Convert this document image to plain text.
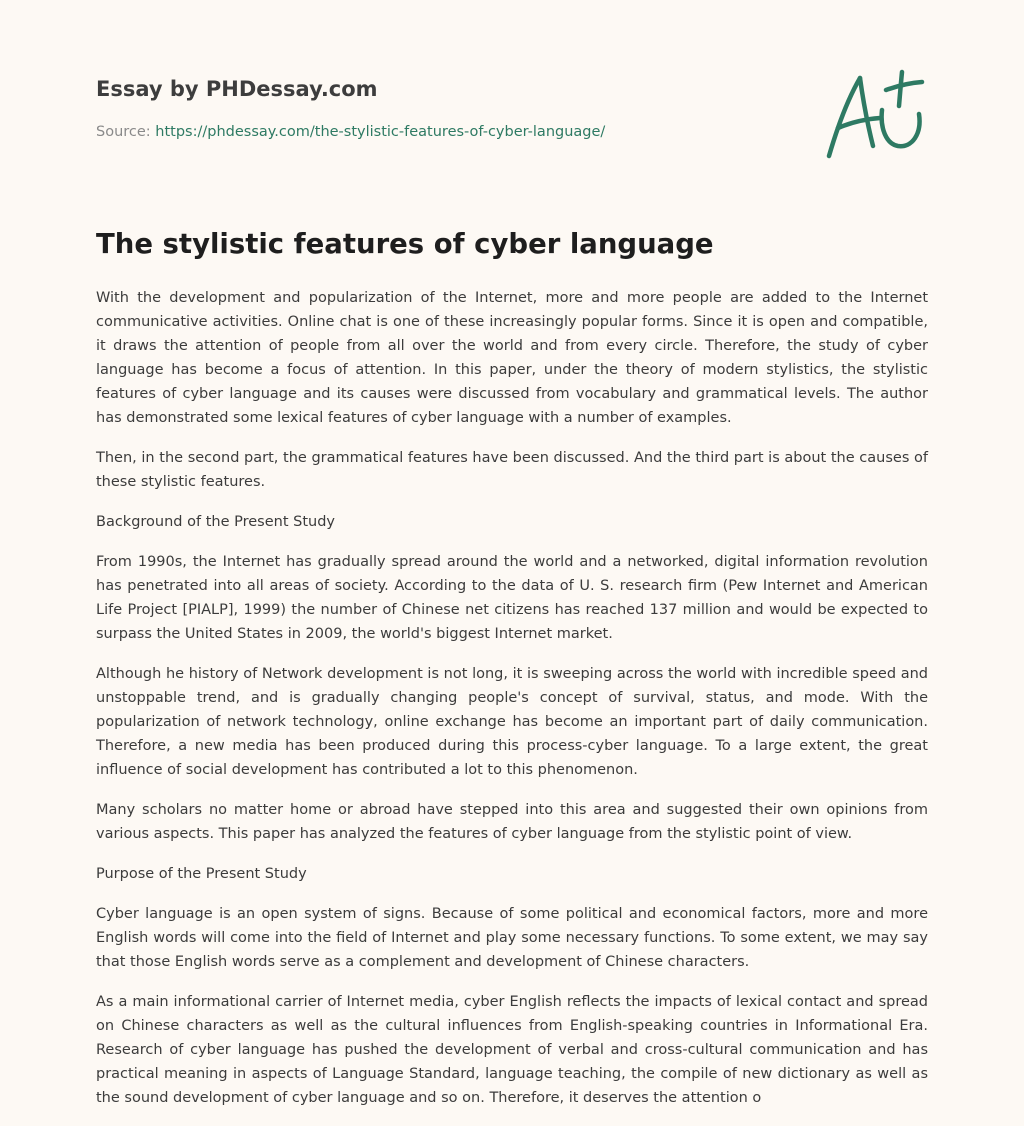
Essay by PHDessay.com
Source: https://phdessay.com/the-stylistic-features-of-cyber-language/
The stylistic features of cyber language

With the development and popularization of the Internet, more and more people are added to the Internet communicative activities. Online chat is one of these increasingly popular forms. Since it is open and compatible, it draws the attention of people from all over the world and from every circle. Therefore, the study of cyber language has become a focus of attention. In this paper, under the theory of modern stylistics, the stylistic features of cyber language and its causes were discussed from vocabulary and grammatical levels. The author has demonstrated some lexical features of cyber language with a number of examples.

Then, in the second part, the grammatical features have been discussed. And the third part is about the causes of these stylistic features.

Background of the Present Study

From 1990s, the Internet has gradually spread around the world and a networked, digital information revolution has penetrated into all areas of society. According to the data of U. S. research firm (Pew Internet and American Life Project [PIALP], 1999) the number of Chinese net citizens has reached 137 million and would be expected to surpass the United States in 2009, the world's biggest Internet market.

Although he history of Network development is not long, it is sweeping across the world with incredible speed and unstoppable trend, and is gradually changing people's concept of survival, status, and mode. With the popularization of network technology, online exchange has become an important part of daily communication. Therefore, a new media has been produced during this process-cyber language. To a large extent, the great influence of social development has contributed a lot to this phenomenon.

Many scholars no matter home or abroad have stepped into this area and suggested their own opinions from various aspects. This paper has analyzed the features of cyber language from the stylistic point of view.

Purpose of the Present Study

Cyber language is an open system of signs. Because of some political and economical factors, more and more English words will come into the field of Internet and play some necessary functions. To some extent, we may say that those English words serve as a complement and development of Chinese characters.

As a main informational carrier of Internet media, cyber English reflects the impacts of lexical contact and spread on Chinese characters as well as the cultural influences from English-speaking countries in Informational Era. Research of cyber language has pushed the development of verbal and cross-cultural communication and has practical meaning in aspects of Language Standard, language teaching, the compile of new dictionary as well as the sound development of cyber language and so on. Therefore, it deserves the attention o
